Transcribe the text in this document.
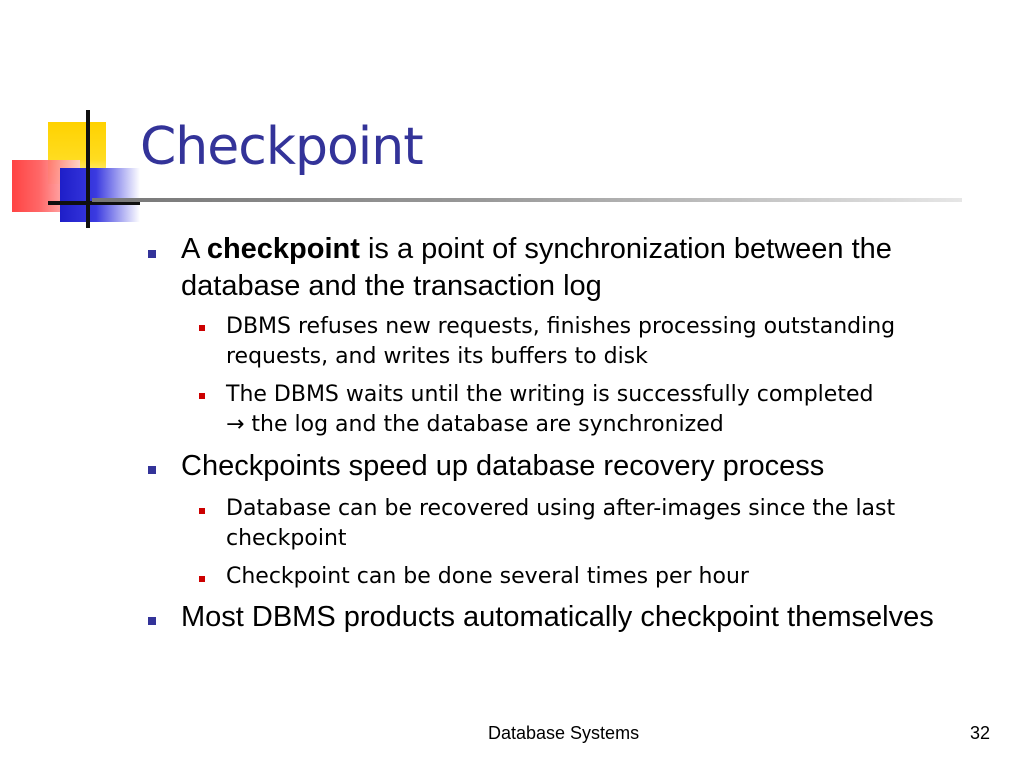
Checkpoint
A checkpoint is a point of synchronization between the database and the transaction log
DBMS refuses new requests, finishes processing outstanding requests, and writes its buffers to disk
The DBMS waits until the writing is successfully completed
→ the log and the database are synchronized
Checkpoints speed up database recovery process
Database can be recovered using after-images since the last checkpoint
Checkpoint can be done several times per hour
Most DBMS products automatically checkpoint themselves
Database Systems	32
